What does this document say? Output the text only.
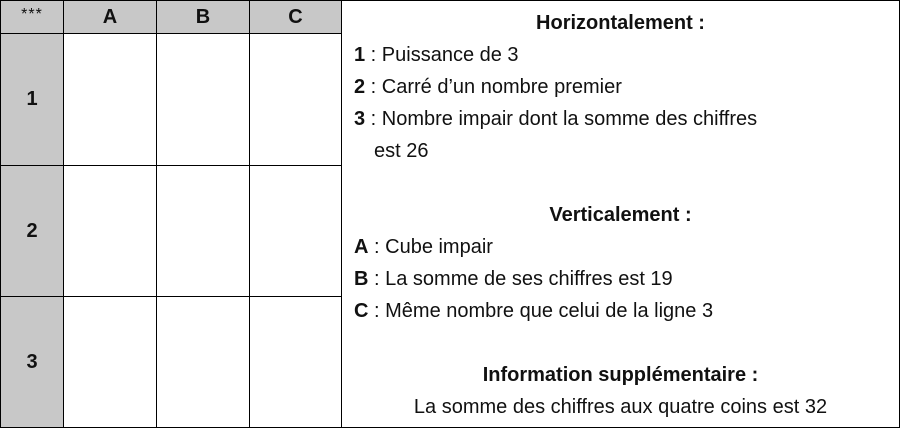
***	A	B	C
1
2
3
Horizontalement :
1 : Puissance de 3
2 : Carré d’un nombre premier
3 : Nombre impair dont la somme des chiffres
est 26
Verticalement :
A : Cube impair
B : La somme de ses chiffres est 19
C : Même nombre que celui de la ligne 3
Information supplémentaire :
La somme des chiffres aux quatre coins est 32
